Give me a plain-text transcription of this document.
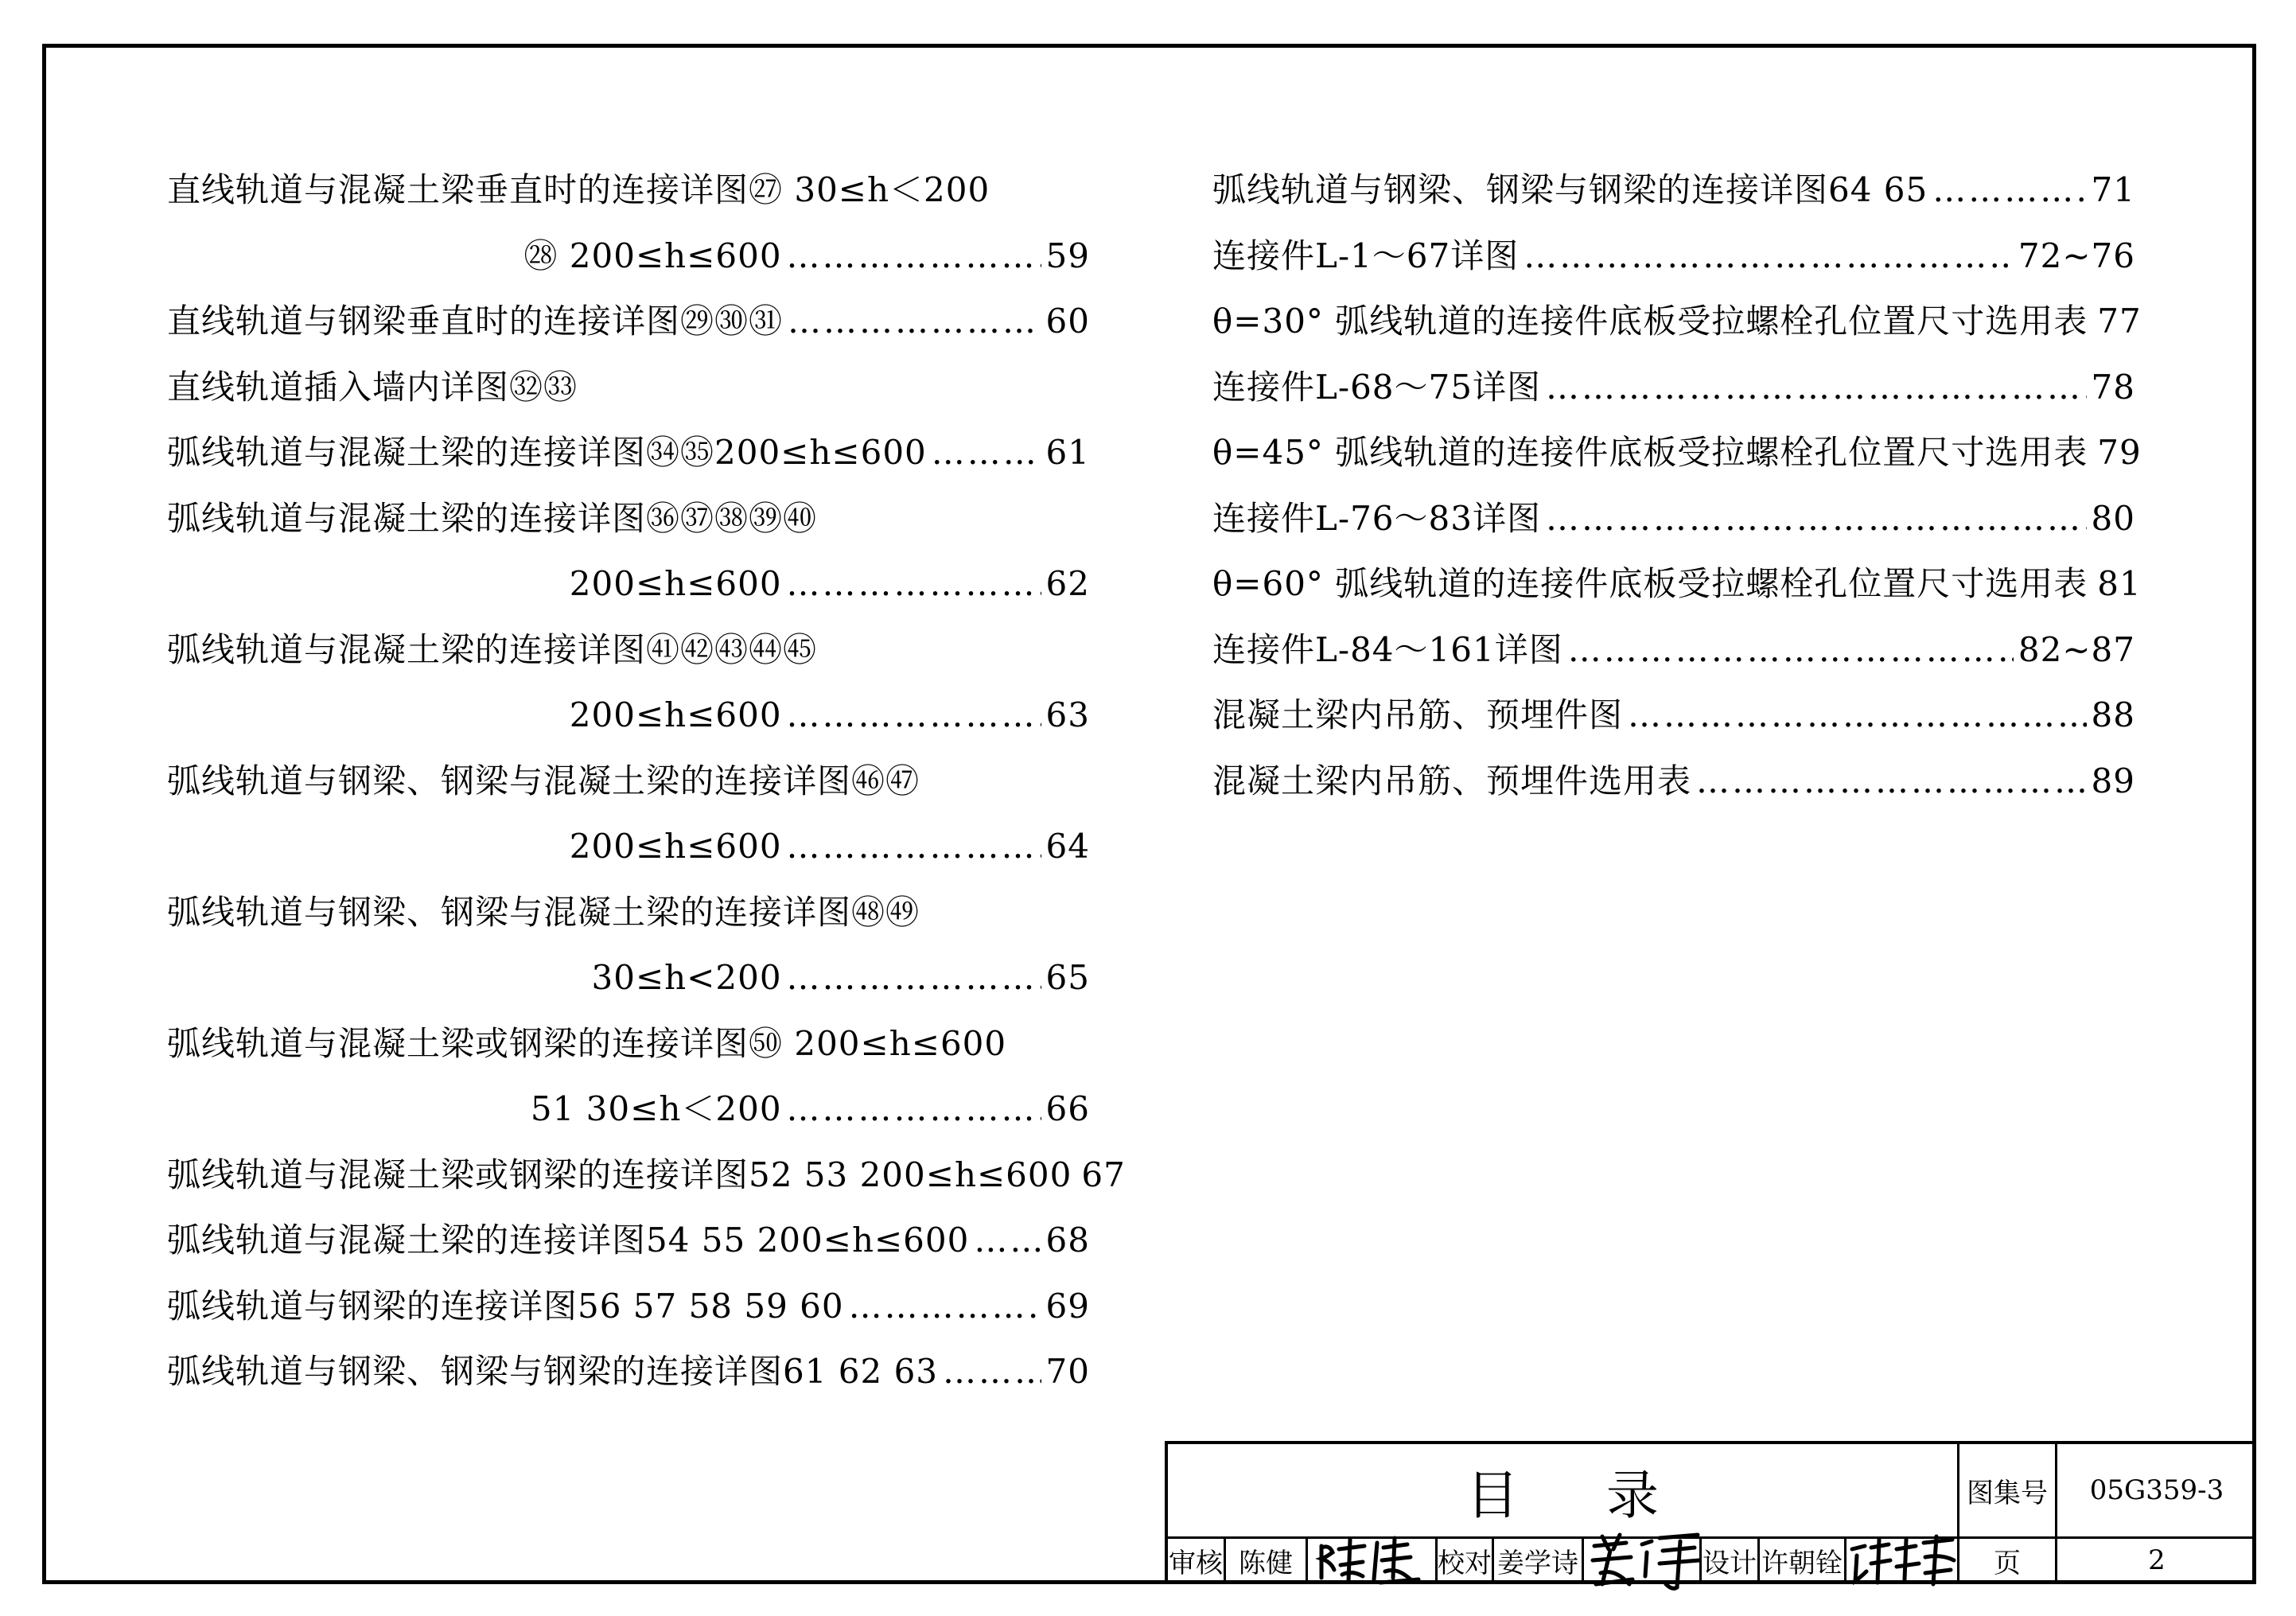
直线轨道与混凝土梁垂直时的连接详图㉗ 30≤h＜200
㉘ 200≤h≤600 …………………………………………………………………………………………………………………………	59
直线轨道与钢梁垂直时的连接详图㉙㉚㉛ …………………………………………………………………………………………………………………………	60
直线轨道插入墙内详图㉜㉝
弧线轨道与混凝土梁的连接详图㉞㉟200≤h≤600 …………………………………………………………………………………………………………………………	61
弧线轨道与混凝土梁的连接详图㊱㊲㊳㊴㊵
200≤h≤600 …………………………………………………………………………………………………………………………	62
弧线轨道与混凝土梁的连接详图㊶㊷㊸㊹㊺
200≤h≤600 …………………………………………………………………………………………………………………………	63
弧线轨道与钢梁、钢梁与混凝土梁的连接详图㊻㊼
200≤h≤600 …………………………………………………………………………………………………………………………	64
弧线轨道与钢梁、钢梁与混凝土梁的连接详图㊽㊾
30≤h<200 …………………………………………………………………………………………………………………………	65
弧线轨道与混凝土梁或钢梁的连接详图㊿ 200≤h≤600
51 30≤h＜200 …………………………………………………………………………………………………………………………	66
弧线轨道与混凝土梁或钢梁的连接详图52 53 200≤h≤600 67
弧线轨道与混凝土梁的连接详图54 55 200≤h≤600 ………………………………………………………………………………………………………………………… 68
弧线轨道与钢梁的连接详图56 57 58 59 60 …………………………………………………………………………………………………………………………	69
弧线轨道与钢梁、钢梁与钢梁的连接详图61 62 63 …………………………………………………………………………………………………………………………	70
弧线轨道与钢梁、钢梁与钢梁的连接详图64 65 …………………………………………………………………………………………………………………………	71
连接件L-1～67详图 …………………………………………………………………………………………………………………………	72~76
θ=30° 弧线轨道的连接件底板受拉螺栓孔位置尺寸选用表 77
连接件L-68～75详图 …………………………………………………………………………………………………………………………	78
θ=45° 弧线轨道的连接件底板受拉螺栓孔位置尺寸选用表 79
连接件L-76～83详图 …………………………………………………………………………………………………………………………	80
θ=60° 弧线轨道的连接件底板受拉螺栓孔位置尺寸选用表 81
连接件L-84～161详图 …………………………………………………………………………………………………………………………	82~87
混凝土梁内吊筋、预埋件图 …………………………………………………………………………………………………………………………	88
混凝土梁内吊筋、预埋件选用表 …………………………………………………………………………………………………………………………	89
目录	图集号	05G359-3
审核 陈健	校对 姜学诗	设计 许朝铨	页	2
